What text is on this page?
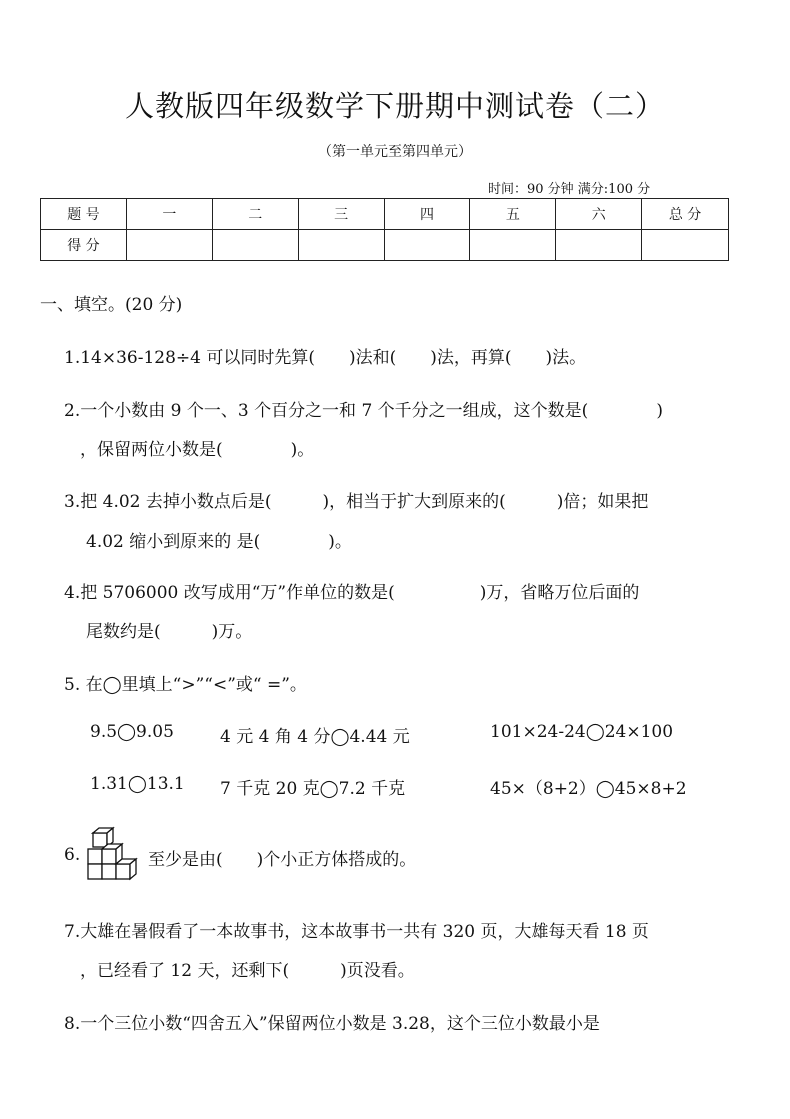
人教版四年级数学下册期中测试卷（二）
（第一单元至第四单元）
时间：90 分钟 满分:100 分
题 号	一	二	三	四	五	六	总 分
得 分							
一、填空。(20 分)
1.14×36-128÷4 可以同时先算(　　)法和(　　)法，再算(　　)法。
2.一个小数由 9 个一、3 个百分之一和 7 个千分之一组成，这个数是(　　　　)
，保留两位小数是(　　　　)。
3.把 4.02 去掉小数点后是(　　　)，相当于扩大到原来的(　　　)倍；如果把
4.02 缩小到原来的 是(　　　　)。
4.把 5706000 改写成用“万”作单位的数是(　　　　　)万，省略万位后面的
尾数约是(　　　)万。
5. 在◯里填上“>”“<”或“ =”。
9.5◯9.05	4 元 4 角 4 分◯4.44 元	101×24-24◯24×100
1.31◯13.1 7 千克 20 克◯7.2 千克	45×（8+2）◯45×8+2
6.	至少是由(　　)个小正方体搭成的。
7.大雄在暑假看了一本故事书，这本故事书一共有 320 页，大雄每天看 18 页
，已经看了 12 天，还剩下(　　　)页没看。
8.一个三位小数“四舍五入”保留两位小数是 3.28，这个三位小数最小是
